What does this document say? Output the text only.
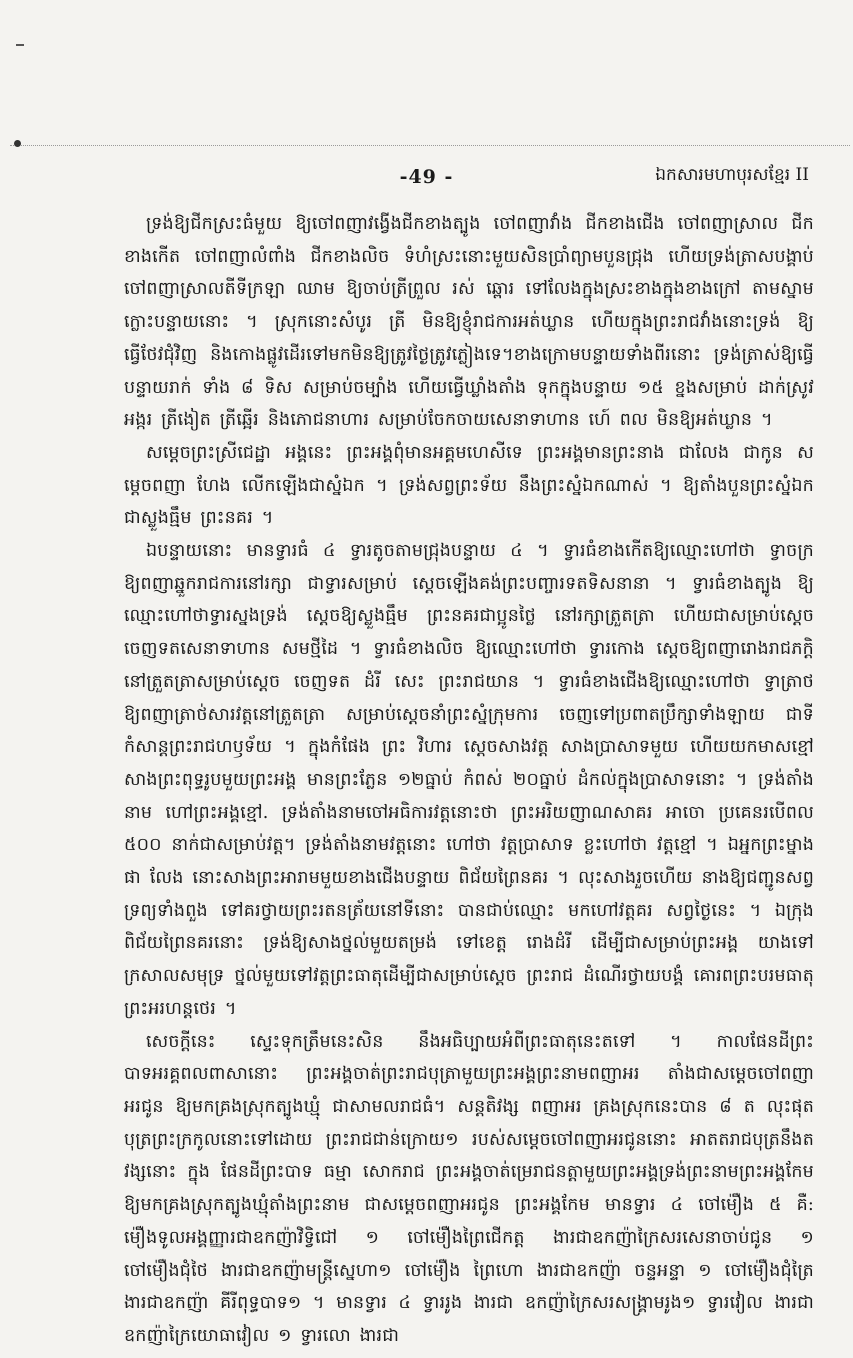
-49 -	ឯកសារមហាបុរសខ្មែរ II

ទ្រង់ឱ្យជីកស្រះធំមួយ ឱ្យចៅពញាវង្វើងជីកខាងត្បូង ចៅពញាវាំង ជីកខាងជើង ចៅពញាស្រាល ជីកខាងកើត ចៅពញាលំពាំង ជីកខាងលិច ទំហំស្រះនោះមួយសិនប្រាំព្យាមបួនជ្រុង ហើយទ្រង់ត្រាសបង្គាប់ ចៅពញាស្រាលតីទីក្រឡា ឈាម ឱ្យចាប់ត្រីព្រួល រស់ ឆ្ពោរ ទៅលែងក្នុងស្រះខាងក្នុងខាងក្រៅ តាមស្នាមក្លោះបន្ទាយនោះ ។ ស្រុកនោះសំបូរ ត្រី មិនឱ្យខ្ញុំរាជការអត់ឃ្លាន ហើយក្នុងព្រះរាជវាំងនោះទ្រង់ ឱ្យធ្វើថែវជុំវិញ និងកោងផ្លូវដើរទៅមកមិនឱ្យត្រូវថ្ងៃត្រូវភ្លៀងទេ។ខាងក្រោមបន្ទាយទាំងពីរនោះ ទ្រង់ត្រាស់ឱ្យធ្វើបន្ទាយរាក់ ទាំង ៨ ទិស សម្រាប់ចម្បាំង ហើយធ្វើឃ្លាំងតាំង ទុកក្នុងបន្ទាយ ១៥ ខ្នងសម្រាប់ ដាក់ស្រូវអង្ករ ត្រីងៀត ត្រីឆ្អើរ និងភោជនាហារ សម្រាប់ចែកចាយសេនាទាហាន ហេ៍ ពល មិនឱ្យអត់ឃ្លាន ។

សម្តេចព្រះស្រីជេដ្ឋា អង្គនេះ ព្រះអង្គពុំមានអគ្គមហេសីទេ ព្រះអង្គមានព្រះនាង ជាលែង ជាកូន សម្តេចពញា ហែង លើកឡើងជាស្នំឯក ។ ទ្រង់សព្វព្រះទ័យ នឹងព្រះស្នំឯកណាស់ ។ ឱ្យតាំងបួនព្រះស្នំឯក ជាស្លួងធ្មឹម ព្រះនគរ ។

ឯបន្ទាយនោះ មានទ្វារធំ ៤ ទ្វារតូចតាមជ្រុងបន្ទាយ ៤ ។ ទ្វារធំខាងកើតឱ្យឈ្មោះហៅថា ទ្វាចក្រ ឱ្យពញាឆ្នួករាជការនៅរក្សា ជាទ្វារសម្រាប់ ស្តេចឡើងគង់ព្រះបញ្ចារទតទិសនានា ។ ទ្វារធំខាងត្បូង ឱ្យឈ្មោះហៅថាទ្វារស្នងទ្រង់ ស្តេចឱ្យស្លួងធ្មឹម ព្រះនគរជាប្អូនថ្លៃ នៅរក្សាត្រួតត្រា ហើយជាសម្រាប់ស្តេច ចេញទតសេនាទាហាន សមថ្មីដៃ ។ ទ្វារធំខាងលិច ឱ្យឈ្មោះហៅថា ទ្វារកោង ស្តេចឱ្យពញារោងរាជភក្តិ នៅត្រួតត្រាសម្រាប់ស្តេច ចេញទត ដំរី សេះ ព្រះរាជយាន ។ ទ្វារធំខាងជើងឱ្យឈ្មោះហៅថា ទ្វាត្រាថ ឱ្យពញាត្រាថ់សារវត្តនៅត្រួតត្រា សម្រាប់ស្តេចនាំព្រះស្នំក្រុមការ ចេញទៅប្រពាតប្រឹក្សាទាំងឡាយ ជាទីកំសាន្តព្រះរាជហឫទ័យ ។ ក្នុងកំផែង ព្រះ វិហារ ស្តេចសាងវត្ត សាងប្រាសាទមួយ ហើយយកមាសខ្មៅ សាងព្រះពុទ្ធរូបមួយព្រះអង្គ មានព្រះភ្លែន ១២ធ្នាប់ កំពស់ ២០ធ្នាប់ ដំកល់ក្នុងប្រាសាទនោះ ។ ទ្រង់តាំងនាម ហៅព្រះអង្គខ្មៅ. ទ្រង់តាំងនាមចៅអធិការវត្តនោះថា ព្រះអរិយញាណសាគរ អាចោ ប្រគេនរបើពល ៥០០ នាក់ជាសម្រាប់វត្ត។ ទ្រង់តាំងនាមវត្តនោះ ហៅថា វត្តប្រាសាទ ខ្លះហៅថា វត្តខ្មៅ ។ ឯអ្នកព្រះម្នាង ផា លែង នោះសាងព្រះអារាមមួយខាងជើងបន្ទាយ ពិជ័យព្រៃនគរ ។ លុះសាងរួចហើយ នាងឱ្យជញ្ជូនសព្វទ្រព្យទាំងពួង ទៅគរថ្វាយព្រះរតនត្រ័យនៅទីនោះ បានជាប់ឈ្មោះ មកហៅវត្តគរ សព្វថ្ងៃនេះ ។ ឯក្រុងពិជ័យព្រៃនគរនោះ ទ្រង់ឱ្យសាងថ្នល់មួយតម្រង់ ទៅខេត្ត រោងដំរី ដើម្បីជាសម្រាប់ព្រះអង្គ យាងទៅក្រសាលសមុទ្រ ថ្នល់មួយទៅវត្តព្រះធាតុដើម្បីជាសម្រាប់ស្តេច ព្រះរាជ ដំណើរថ្វាយបង្គំ គោរពព្រះបរមធាតុ ព្រះអរហន្តថេរ ។

សេចក្តីនេះ ស្ទេះទុកត្រឹមនេះសិន នឹងអធិប្បាយអំពីព្រះធាតុនេះតទៅ ។ កាលផែនដីព្រះបាទអរគ្គពលពាសានោះ ព្រះអង្គចាត់ព្រះរាជបុត្រាមួយព្រះអង្គព្រះនាមពញាអរ តាំងជាសម្តេចចៅពញា អរជូន ឱ្យមកគ្រងស្រុកត្បូងឃ្មុំ ជាសាមលរាជធំ។ សន្តតិវង្ស ពញាអរ គ្រងស្រុកនេះបាន ៨ ត លុះផុតបុត្រព្រះក្រកូលនោះទៅដោយ ព្រះរាជជាន់ក្រោយ១ របស់សម្តេចចៅពញាអរជូននោះ អាតតរាជបុត្រនឹងតវង្សនោះ ក្នុង ផែនដីព្រះបាទ ធម្មា សោករាជ ព្រះអង្គចាត់ម្រេរាជនត្តាមួយព្រះអង្គទ្រង់ព្រះនាមព្រះអង្គកែម ឱ្យមកគ្រងស្រុកត្បូងឃ្មុំតាំងព្រះនាម ជាសម្តេចពញាអរជូន ព្រះអង្គកែម មានទ្វារ ៤ ចៅម៉ឿង ៥ គឺ: ម៉ឿងទូលអង្គញ្ញារជាឧកញ៉ាវិទ្វិជៅ ១ ចៅម៉ឿងព្រៃជើកត្ត ងារជាឧកញ៉ាក្រៃសរសេនាចាប់ជូន ១ ចៅម៉ឿងជុំថៃ ងារជាឧកញ៉ាមន្ត្រីស្នេហា១ ចៅម៉ឿង ព្រៃហោ ងារជាឧកញ៉ា ចន្ទអន្ទា ១ ចៅម៉ឿងជុំត្រៃ ងារជាឧកញ៉ា គីរីពុទ្ធបាទ១ ។ មានទ្វារ ៤ ទ្វាររូង ងារជា ឧកញ៉ាក្រៃសរសង្គ្រាមរូង១ ទ្វារវៀល ងារជាឧកញ៉ាក្រៃយោធាវៀល ១ ទ្វារលោ ងារជា
